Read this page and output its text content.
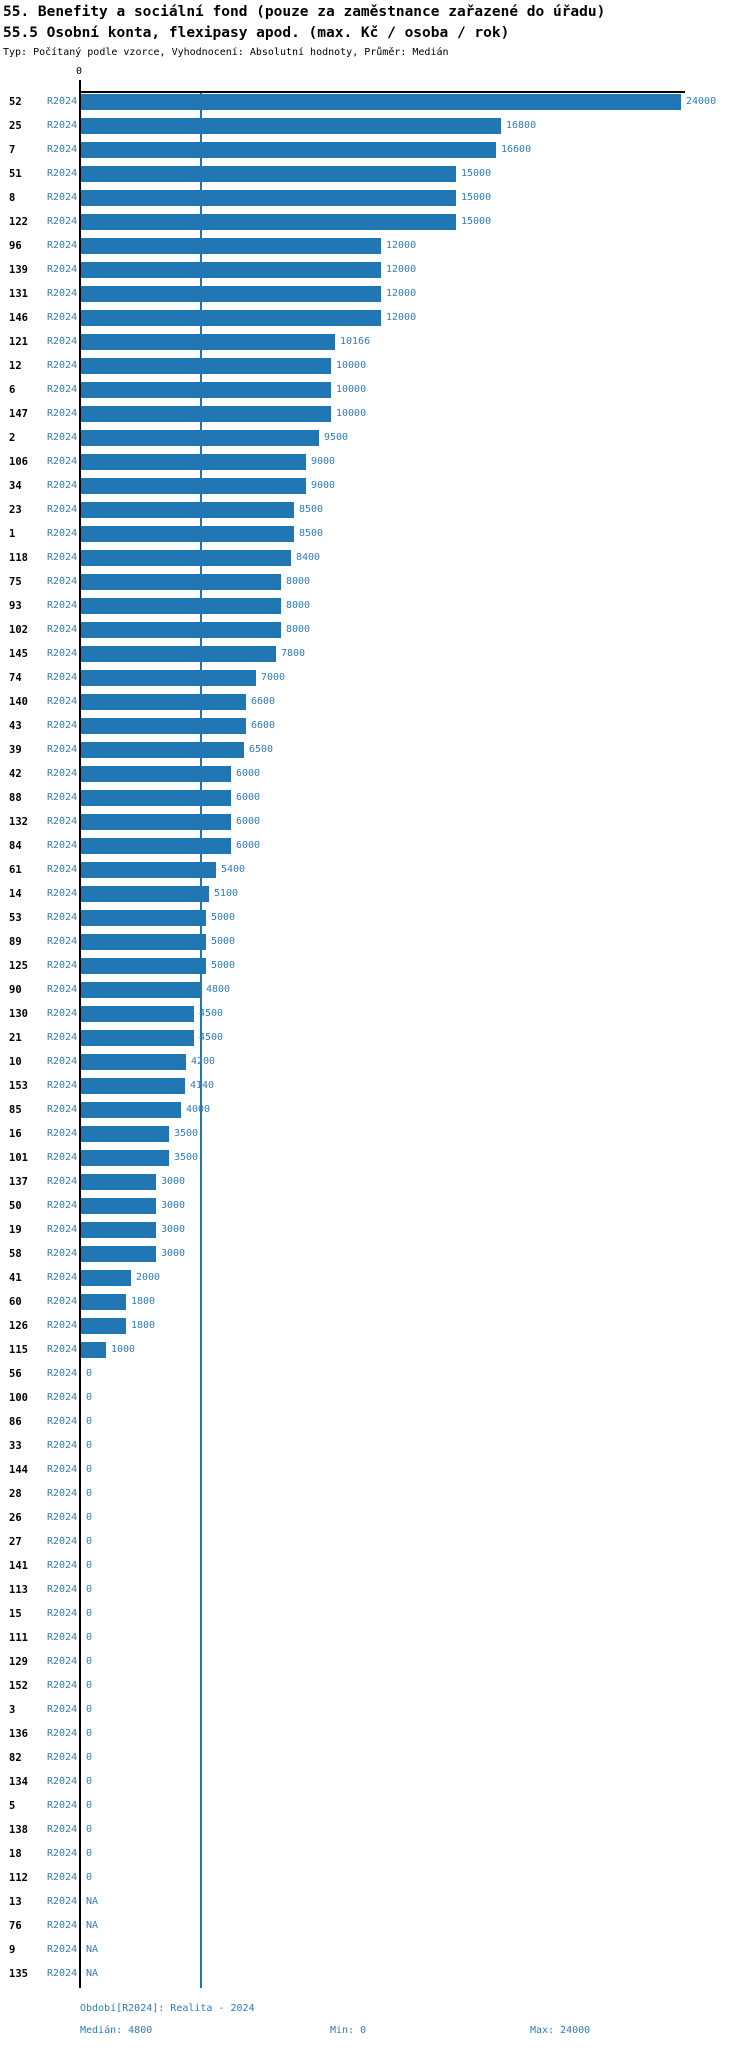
55. Benefity a sociální fond (pouze za zaměstnance zařazené do úřadu)
55.5 Osobní konta, flexipasy apod. (max. Kč / osoba / rok)
Typ: Počítaný podle vzorce, Vyhodnocení: Absolutní hodnoty, Průměr: Medián
0
52	R2024	24000
25	R2024	16800
7	R2024	16600
51	R2024	15000
8	R2024	15000
122 R2024	15000
96	R2024	12000
139 R2024	12000
131 R2024	12000
146 R2024	12000
121 R2024	10166
12	R2024	10000
6	R2024	10000
147 R2024	10000
2	R2024	9500
106 R2024	9000
34	R2024	9000
23	R2024	8500
1	R2024	8500
118 R2024	8400
75	R2024	8000
93	R2024	8000
102 R2024	8000
145 R2024	7800
74	R2024	7000
140 R2024	6600
43	R2024	6600
39	R2024	6500
42	R2024	6000
88	R2024	6000
132 R2024	6000
84	R2024	6000
61	R2024	5400
14	R2024	5100
53	R2024	5000
89	R2024	5000
125 R2024	5000
90	R2024	4800
130 R2024	4500
21	R2024	4500
10	R2024	4200
153 R2024	4140
85	R2024	4000
16	R2024	3500
101 R2024	3500
137 R2024	3000
50	R2024	3000
19	R2024	3000
58	R2024	3000
41	R2024	2000
60	R2024	1800
126 R2024	1800
115 R2024	1000
56	R2024 0
100 R2024 0
86	R2024 0
33	R2024 0
144 R2024 0
28	R2024 0
26	R2024 0
27	R2024 0
141 R2024 0
113 R2024 0
15	R2024 0
111 R2024 0
129 R2024 0
152 R2024 0
3	R2024 0
136 R2024 0
82	R2024 0
134 R2024 0
5	R2024 0
138 R2024 0
18	R2024 0
112 R2024 0
13	R2024 NA
76	R2024 NA
9	R2024 NA
135 R2024 NA
Období[R2024]: Realita - 2024
Medián: 4800	Min: 0	Max: 24000
